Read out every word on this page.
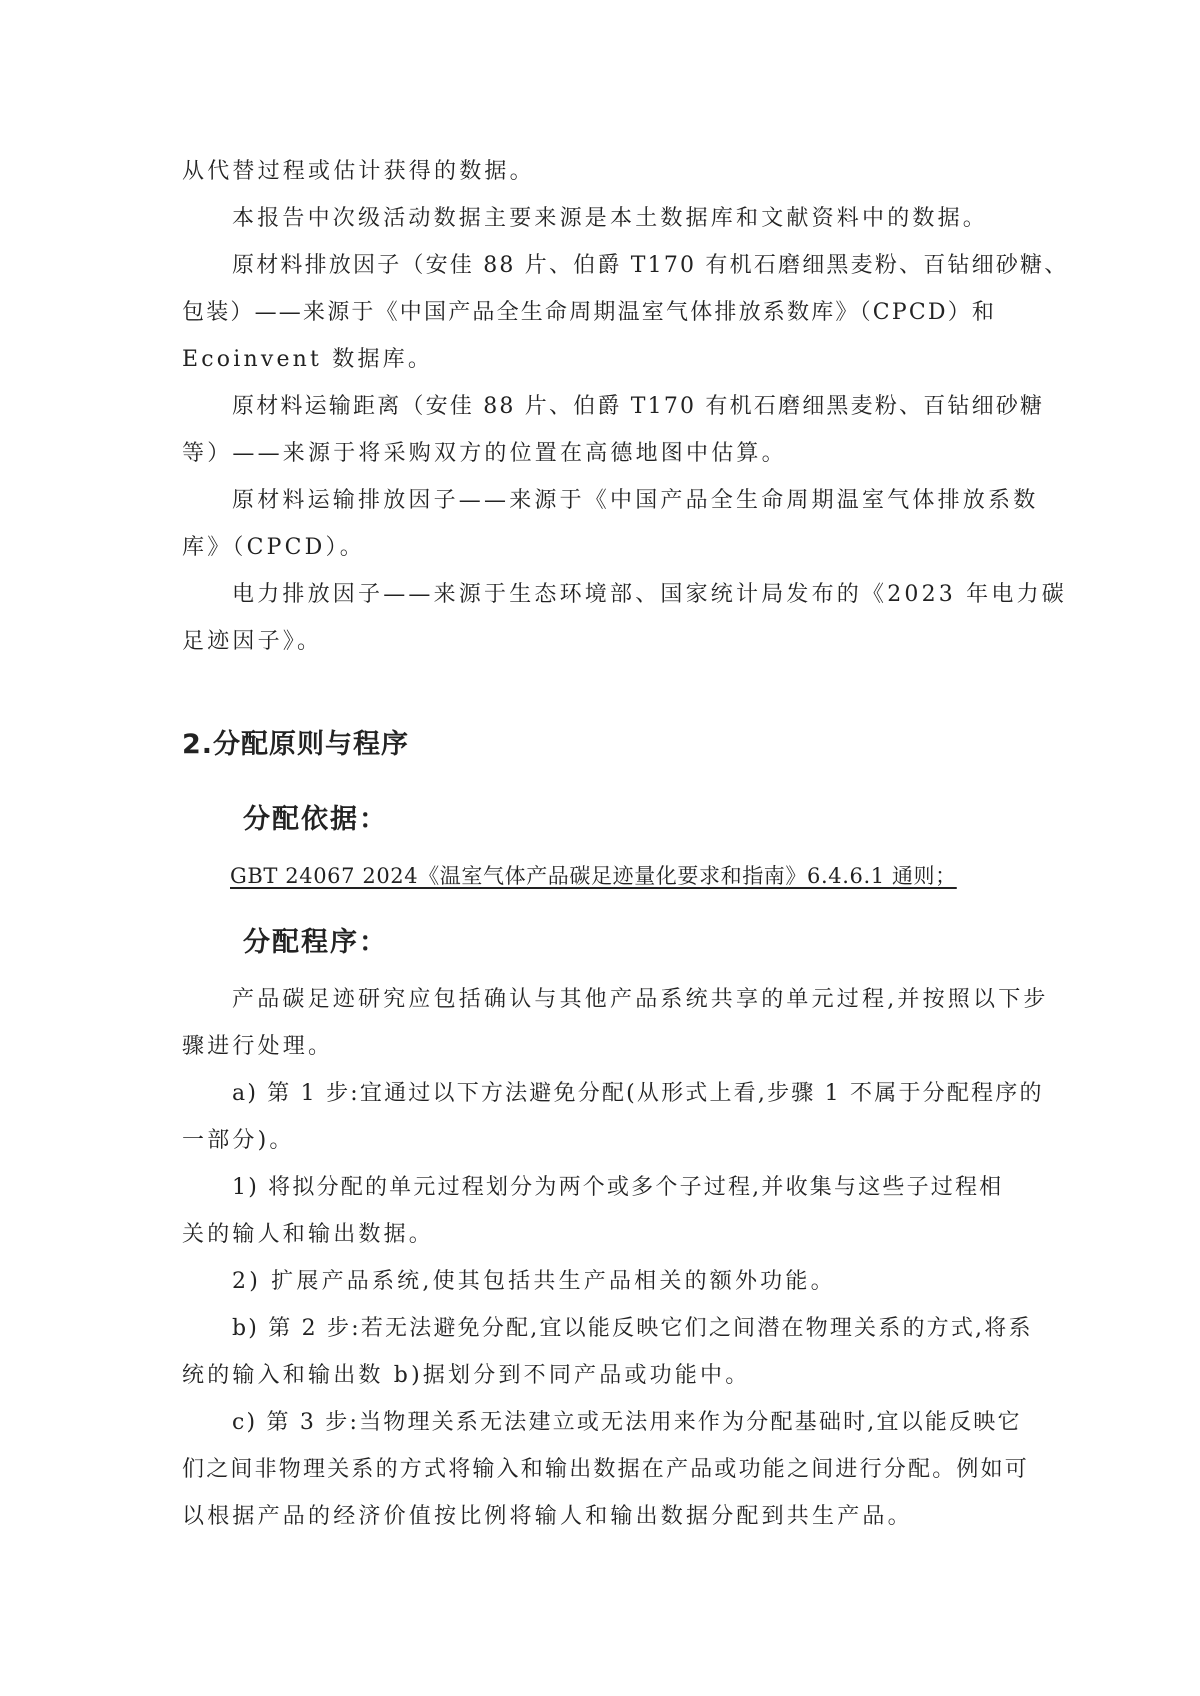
从代替过程或估计获得的数据。

本报告中次级活动数据主要来源是本土数据库和文献资料中的数据。

原材料排放因子（安佳 88 片、伯爵 T170 有机石磨细黑麦粉、百钻细砂糖、

包装）——来源于《中国产品全生命周期温室气体排放系数库》（CPCD）和

Ecoinvent 数据库。

原材料运输距离（安佳 88 片、伯爵 T170 有机石磨细黑麦粉、百钻细砂糖

等）——来源于将采购双方的位置在高德地图中估算。

原材料运输排放因子——来源于《中国产品全生命周期温室气体排放系数

库》（CPCD）。

电力排放因子——来源于生态环境部、国家统计局发布的《2023 年电力碳

足迹因子》。

2.分配原则与程序
分配依据：

GBT 24067 2024《温室气体产品碳足迹量化要求和指南》6.4.6.1 通则；

分配程序：

产品碳足迹研究应包括确认与其他产品系统共享的单元过程,并按照以下步

骤进行处理。

a) 第 1 步:宜通过以下方法避免分配(从形式上看,步骤 1 不属于分配程序的

一部分)。

1) 将拟分配的单元过程划分为两个或多个子过程,并收集与这些子过程相

关的输人和输出数据。

2) 扩展产品系统,使其包括共生产品相关的额外功能。

b) 第 2 步:若无法避免分配,宜以能反映它们之间潜在物理关系的方式,将系

统的输入和输出数 b)据划分到不同产品或功能中。

c) 第 3 步:当物理关系无法建立或无法用来作为分配基础时,宜以能反映它

们之间非物理关系的方式将输入和输出数据在产品或功能之间进行分配。例如可

以根据产品的经济价值按比例将输人和输出数据分配到共生产品。
